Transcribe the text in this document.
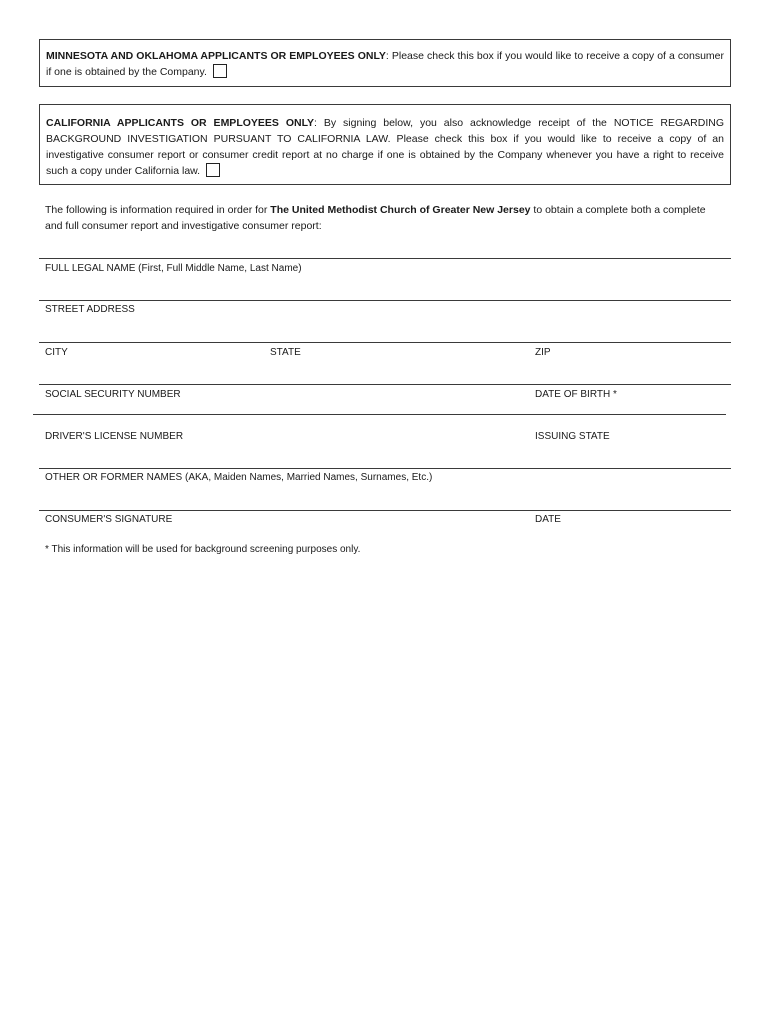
MINNESOTA AND OKLAHOMA APPLICANTS OR EMPLOYEES ONLY: Please check this box if you would like to receive a copy of a consumer if one is obtained by the Company.
CALIFORNIA APPLICANTS OR EMPLOYEES ONLY: By signing below, you also acknowledge receipt of the NOTICE REGARDING BACKGROUND INVESTIGATION PURSUANT TO CALIFORNIA LAW. Please check this box if you would like to receive a copy of an investigative consumer report or consumer credit report at no charge if one is obtained by the Company whenever you have a right to receive such a copy under California law.
The following is information required in order for The United Methodist Church of Greater New Jersey to obtain a complete both a complete and full consumer report and investigative consumer report:
FULL LEGAL NAME (First, Full Middle Name, Last Name)
STREET ADDRESS
CITY	STATE	ZIP
SOCIAL SECURITY NUMBER	DATE OF BIRTH *
DRIVER'S LICENSE NUMBER	ISSUING STATE
OTHER OR FORMER NAMES (AKA, Maiden Names, Married Names, Surnames, Etc.)
CONSUMER'S SIGNATURE	DATE
* This information will be used for background screening purposes only.
